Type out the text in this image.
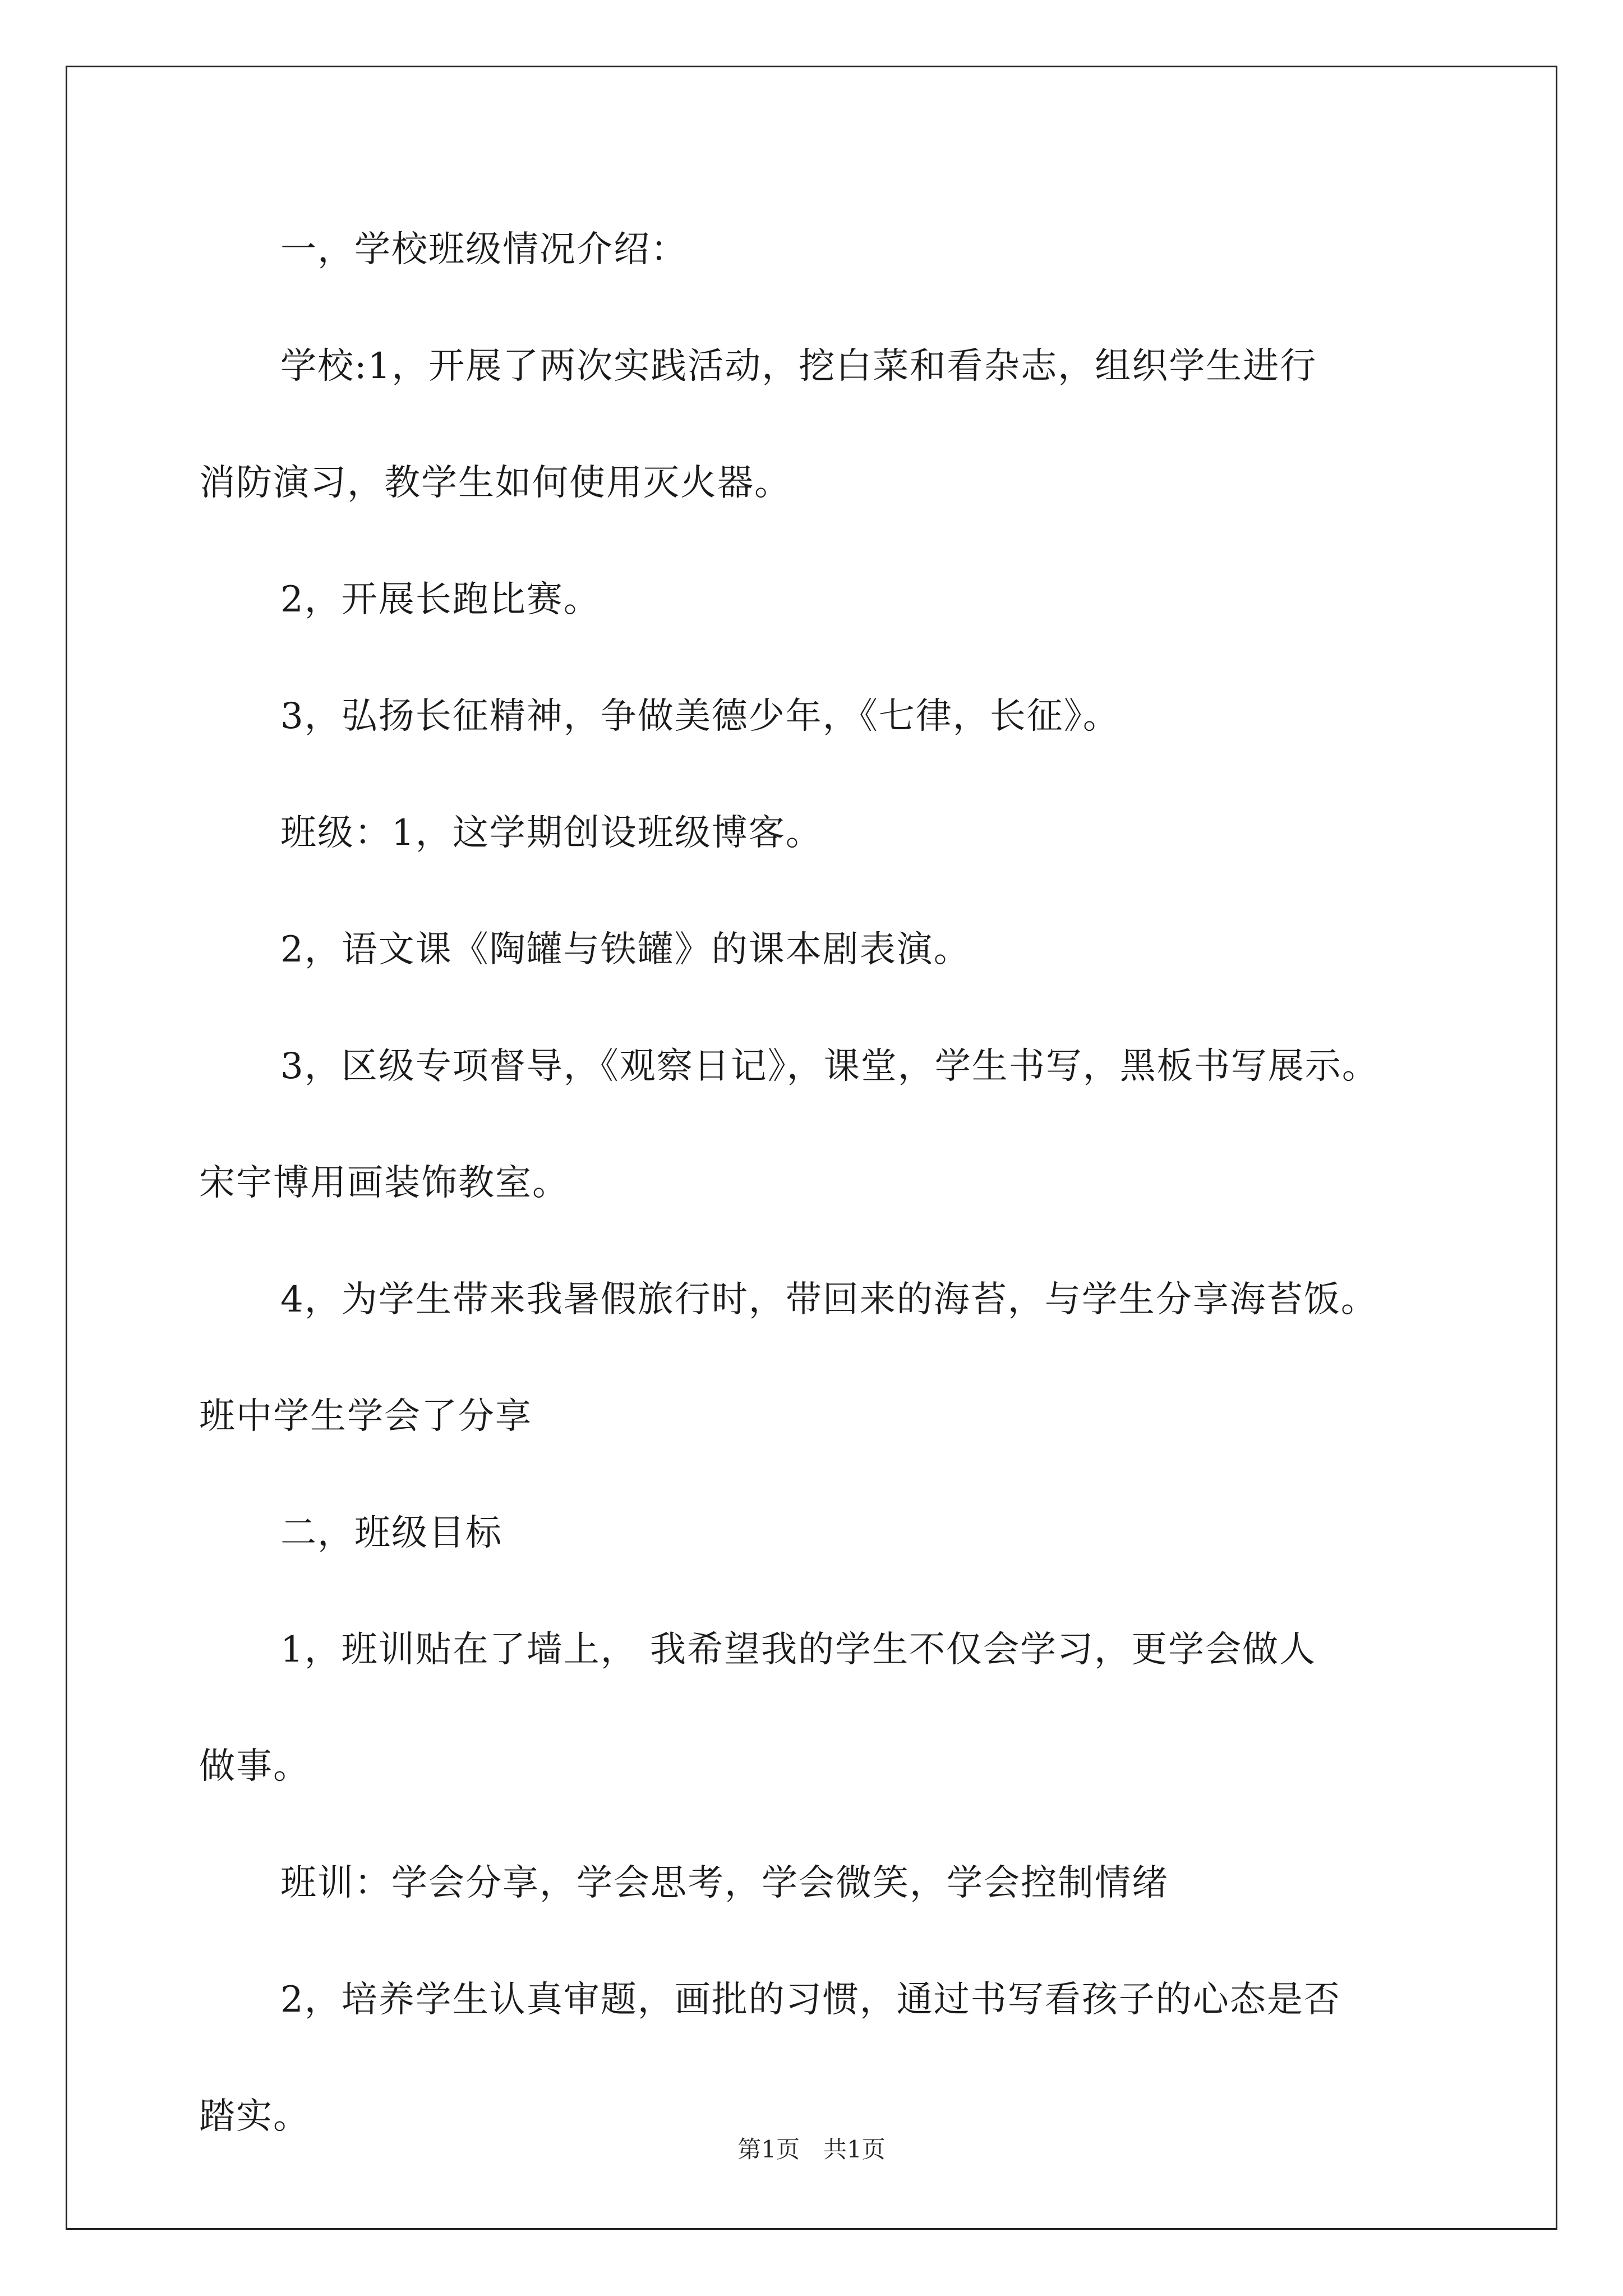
一，学校班级情况介绍：
学校:1，开展了两次实践活动，挖白菜和看杂志，组织学生进行
消防演习，教学生如何使用灭火器。
2，开展长跑比赛。
3，弘扬长征精神，争做美德少年，《七律，长征》。
班级：1，这学期创设班级博客。
2，语文课《陶罐与铁罐》的课本剧表演。
3，区级专项督导，《观察日记》，课堂，学生书写，黑板书写展示。
宋宇博用画装饰教室。
4，为学生带来我暑假旅行时，带回来的海苔，与学生分享海苔饭。
班中学生学会了分享
二，班级目标
1，班训贴在了墙上， 我希望我的学生不仅会学习，更学会做人
做事。
班训：学会分享，学会思考，学会微笑，学会控制情绪
2，培养学生认真审题，画批的习惯，通过书写看孩子的心态是否
踏实。
第1页　共1页
